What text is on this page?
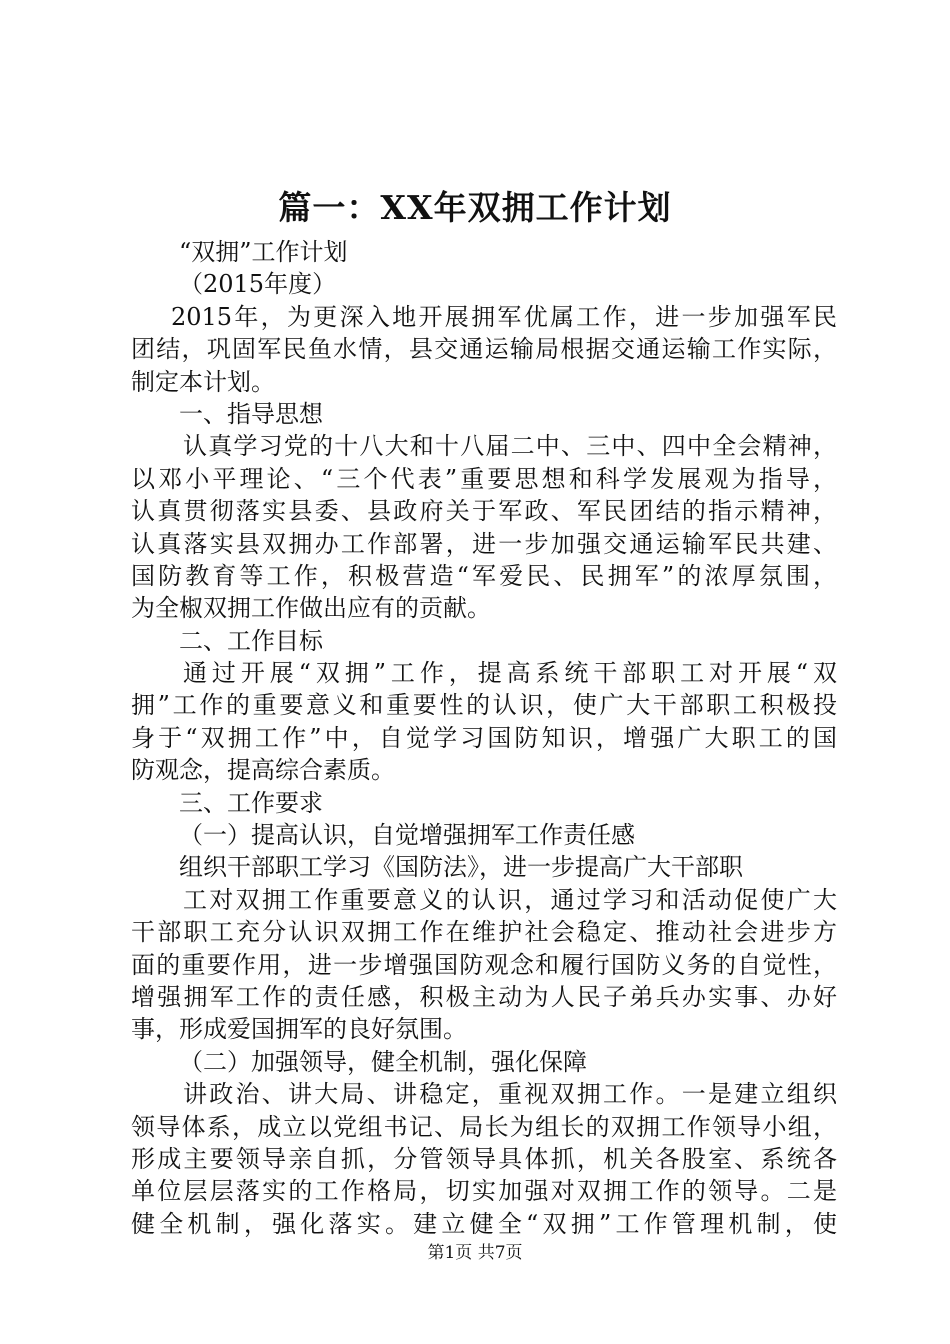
篇一：XX年双拥工作计划
“双拥”工作计划
（2015年度）
2015年，为更深入地开展拥军优属工作，进一步加强军民
团结，巩固军民鱼水情，县交通运输局根据交通运输工作实际，
制定本计划。
一、指导思想
认真学习党的十八大和十八届二中、三中、四中全会精神，
以邓小平理论、“三个代表”重要思想和科学发展观为指导，
认真贯彻落实县委、县政府关于军政、军民团结的指示精神，
认真落实县双拥办工作部署，进一步加强交通运输军民共建、
国防教育等工作，积极营造“军爱民、民拥军”的浓厚氛围，
为全椒双拥工作做出应有的贡献。
二、工作目标
通过开展“双拥”工作，提高系统干部职工对开展“双
拥”工作的重要意义和重要性的认识，使广大干部职工积极投
身于“双拥工作”中，自觉学习国防知识，增强广大职工的国
防观念，提高综合素质。
三、工作要求
（一）提高认识，自觉增强拥军工作责任感
组织干部职工学习《国防法》，进一步提高广大干部职
工对双拥工作重要意义的认识，通过学习和活动促使广大
干部职工充分认识双拥工作在维护社会稳定、推动社会进步方
面的重要作用，进一步增强国防观念和履行国防义务的自觉性，
增强拥军工作的责任感，积极主动为人民子弟兵办实事、办好
事，形成爱国拥军的良好氛围。
（二）加强领导，健全机制，强化保障
讲政治、讲大局、讲稳定，重视双拥工作。一是建立组织
领导体系，成立以党组书记、局长为组长的双拥工作领导小组，
形成主要领导亲自抓，分管领导具体抓，机关各股室、系统各
单位层层落实的工作格局，切实加强对双拥工作的领导。二是
健全机制，强化落实。建立健全“双拥”工作管理机制，使
第1页 共7页
